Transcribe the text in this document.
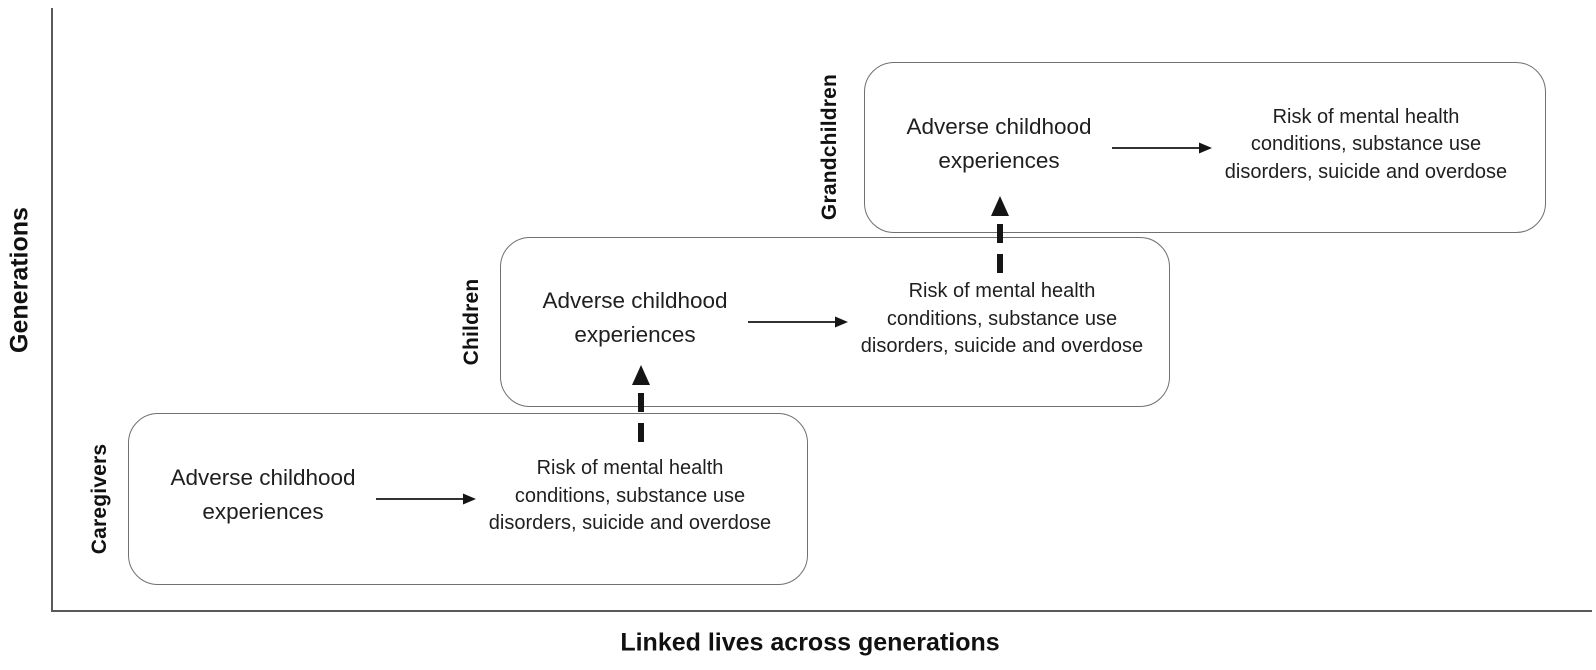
Generations
Linked lives across generations
Caregivers	Adverse childhood
experiences
Risk of mental health
conditions, substance use
disorders, suicide and overdose
Children	Adverse childhood
experiences
Risk of mental health
conditions, substance use
disorders, suicide and overdose
Grandchildren	Adverse childhood
experiences
Risk of mental health
conditions, substance use
disorders, suicide and overdose
